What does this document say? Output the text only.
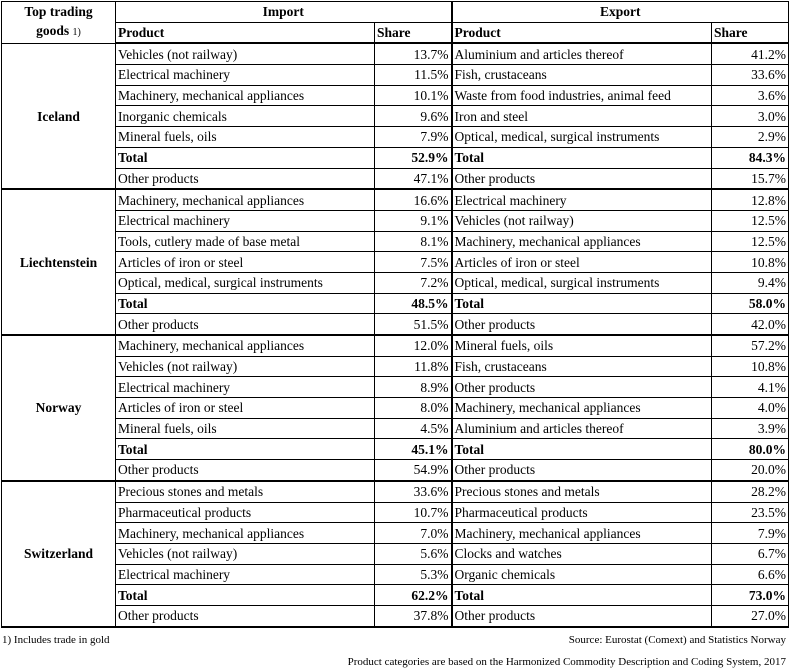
Top trading
goods 1)	Import		Export	
	Product	Share	Product	Share
Iceland	Vehicles (not railway)	13.7%	Aluminium and articles thereof	41.2%
	Electrical machinery	11.5%	Fish, crustaceans	33.6%
	Machinery, mechanical appliances	10.1%	Waste from food industries, animal feed	3.6%
	Inorganic chemicals	9.6%	Iron and steel	3.0%
	Mineral fuels, oils	7.9%	Optical, medical, surgical instruments	2.9%
	Total	52.9%	Total	84.3%
	Other products	47.1%	Other products	15.7%
Liechtenstein	Machinery, mechanical appliances	16.6%	Electrical machinery	12.8%
	Electrical machinery	9.1%	Vehicles (not railway)	12.5%
	Tools, cutlery made of base metal	8.1%	Machinery, mechanical appliances	12.5%
	Articles of iron or steel	7.5%	Articles of iron or steel	10.8%
	Optical, medical, surgical instruments	7.2%	Optical, medical, surgical instruments	9.4%
	Total	48.5%	Total	58.0%
	Other products	51.5%	Other products	42.0%
Norway	Machinery, mechanical appliances	12.0%	Mineral fuels, oils	57.2%
	Vehicles (not railway)	11.8%	Fish, crustaceans	10.8%
	Electrical machinery	8.9%	Other products	4.1%
	Articles of iron or steel	8.0%	Machinery, mechanical appliances	4.0%
	Mineral fuels, oils	4.5%	Aluminium and articles thereof	3.9%
	Total	45.1%	Total	80.0%
	Other products	54.9%	Other products	20.0%
Switzerland	Precious stones and metals	33.6%	Precious stones and metals	28.2%
	Pharmaceutical products	10.7%	Pharmaceutical products	23.5%
	Machinery, mechanical appliances	7.0%	Machinery, mechanical appliances	7.9%
	Vehicles (not railway)	5.6%	Clocks and watches	6.7%
	Electrical machinery	5.3%	Organic chemicals	6.6%
	Total	62.2%	Total	73.0%
	Other products	37.8%	Other products	27.0%
1) Includes trade in gold	Source: Eurostat (Comext) and Statistics Norway
Product categories are based on the Harmonized Commodity Description and Coding System, 2017
